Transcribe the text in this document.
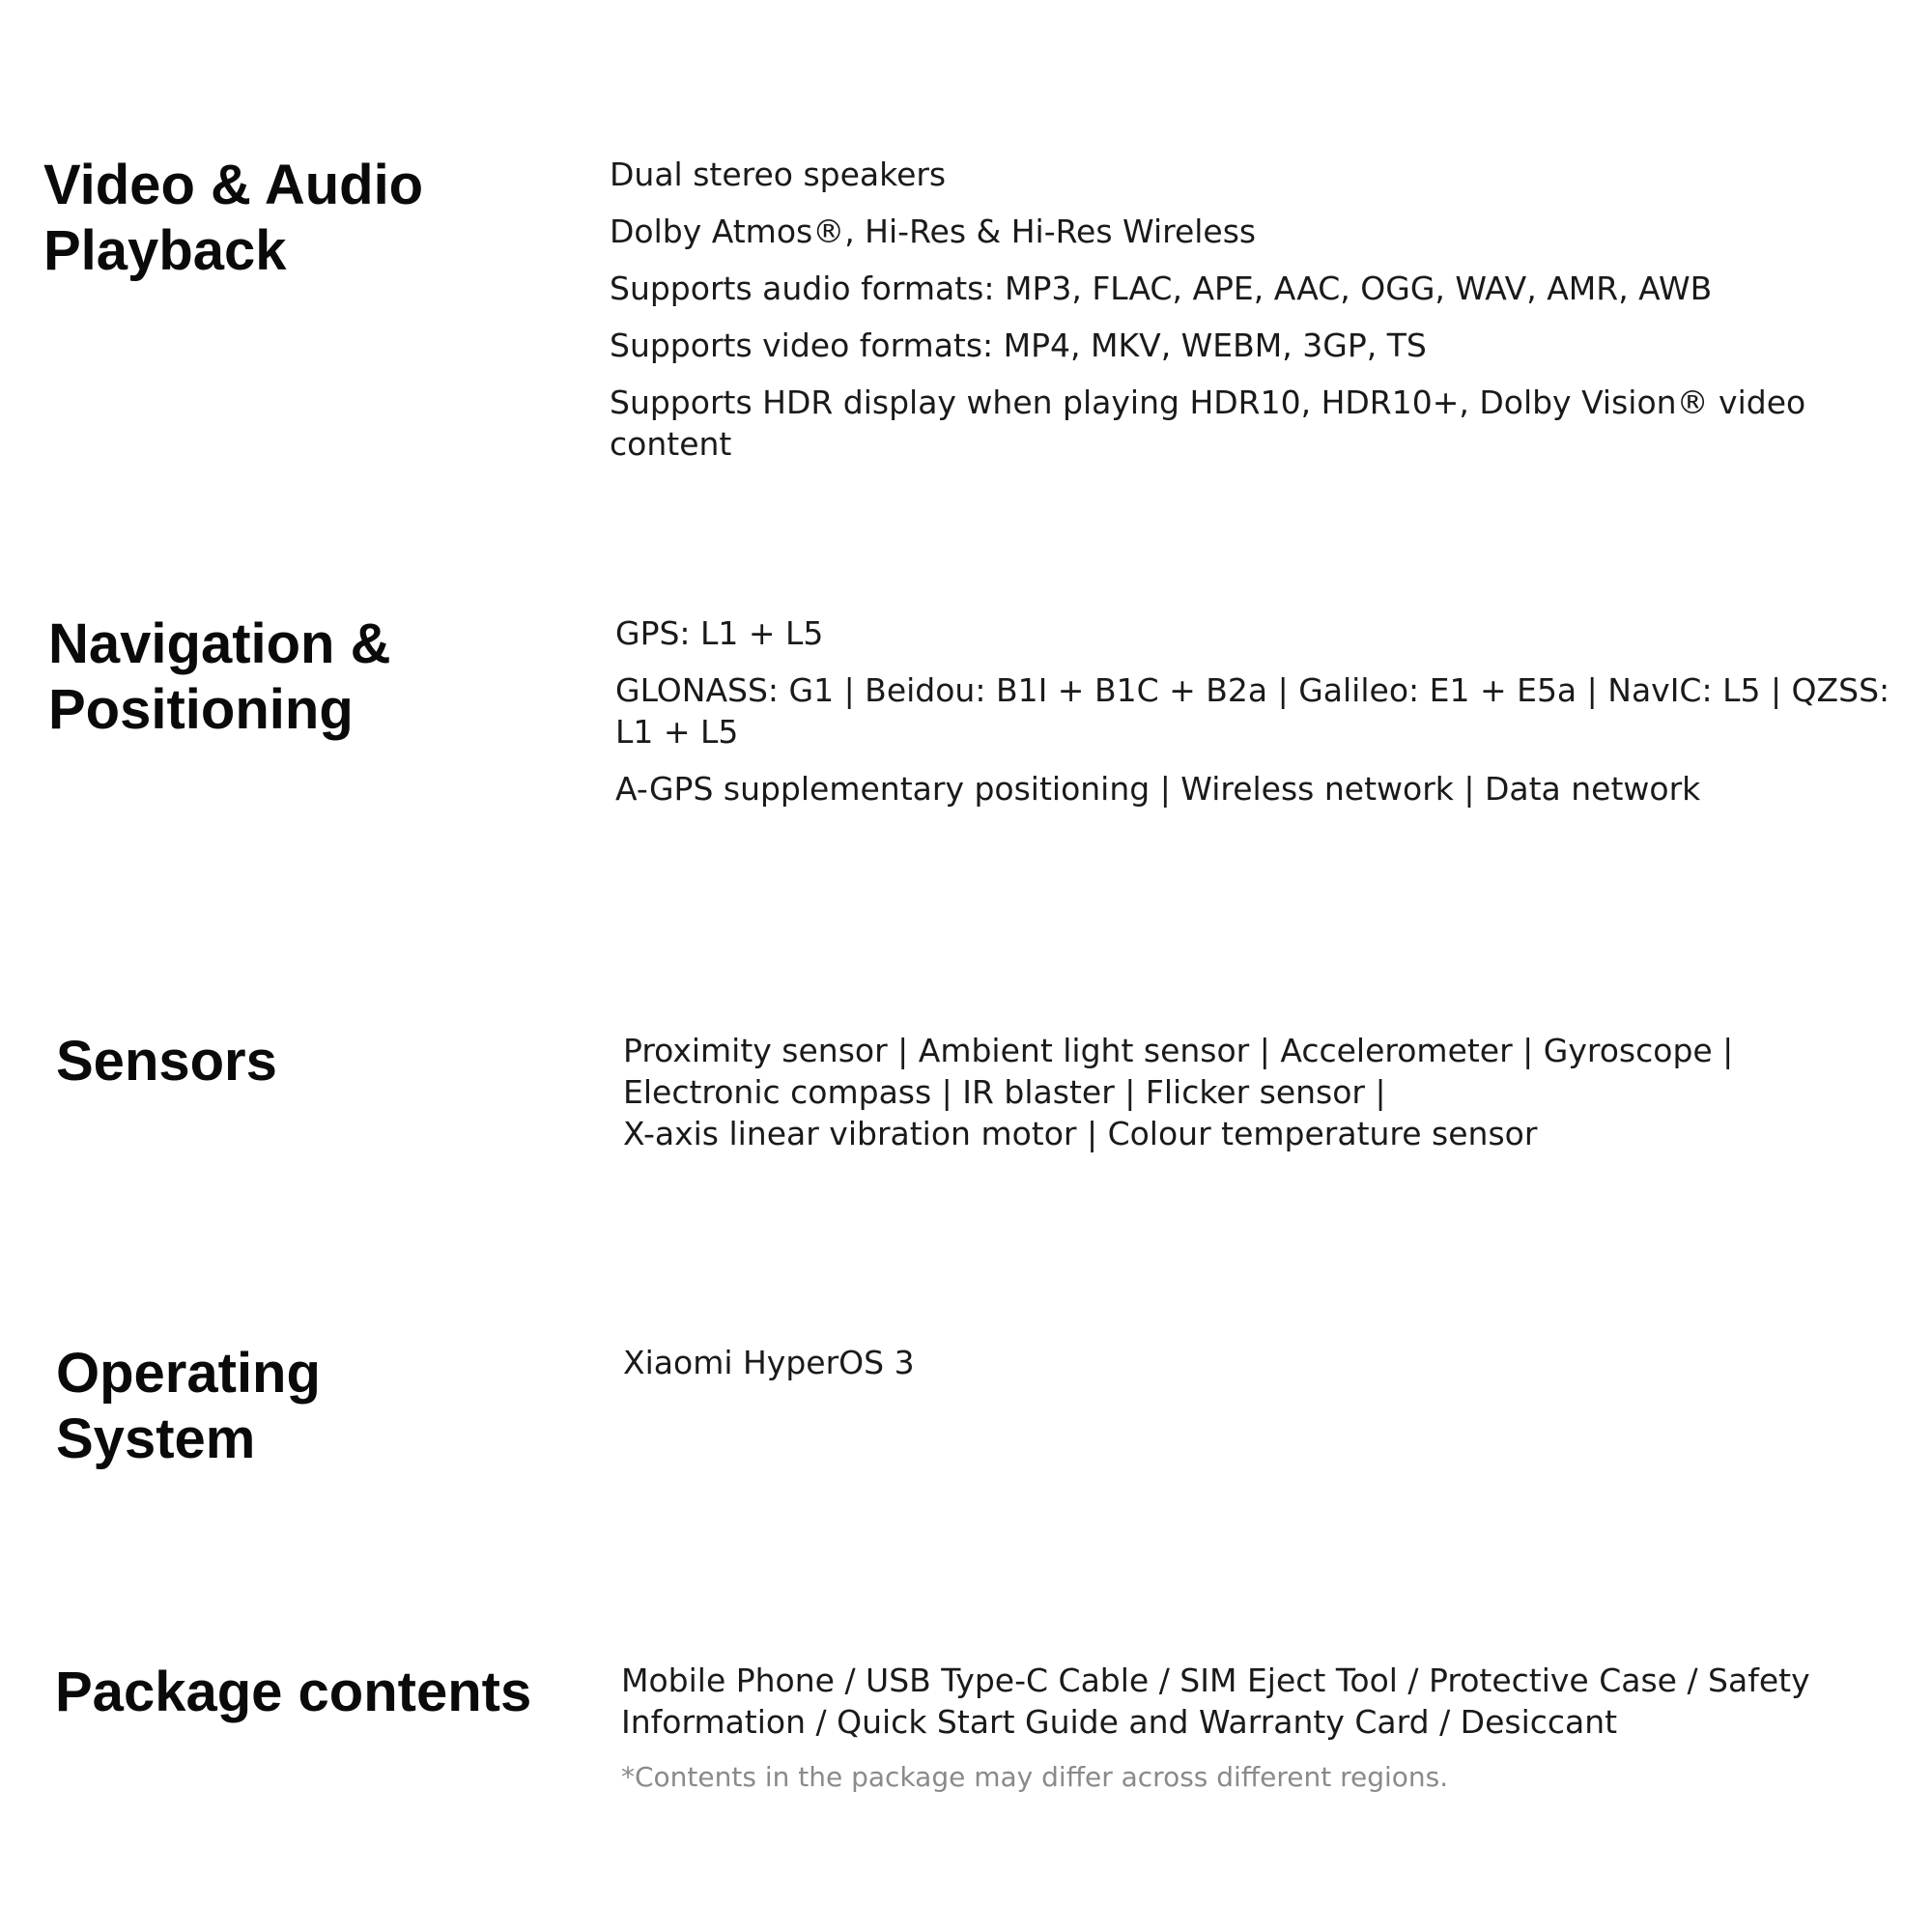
Video & Audio
Playback
Dual stereo speakers
Dolby Atmos®, Hi-Res & Hi-Res Wireless
Supports audio formats: MP3, FLAC, APE, AAC, OGG, WAV, AMR, AWB
Supports video formats: MP4, MKV, WEBM, 3GP, TS
Supports HDR display when playing HDR10, HDR10+, Dolby Vision® video content
Navigation &
Positioning
GPS: L1 + L5
GLONASS: G1 | Beidou: B1I + B1C + B2a | Galileo: E1 + E5a | NavIC: L5 | QZSS: L1 + L5
A-GPS supplementary positioning | Wireless network | Data network
Sensors	Proximity sensor | Ambient light sensor | Accelerometer | Gyroscope | Electronic compass | IR blaster | Flicker sensor |
X-axis linear vibration motor | Colour temperature sensor
Operating
System
Xiaomi HyperOS 3
Package contents	Mobile Phone / USB Type-C Cable / SIM Eject Tool / Protective Case / Safety Information / Quick Start Guide and Warranty Card / Desiccant

*Contents in the package may differ across different regions.
